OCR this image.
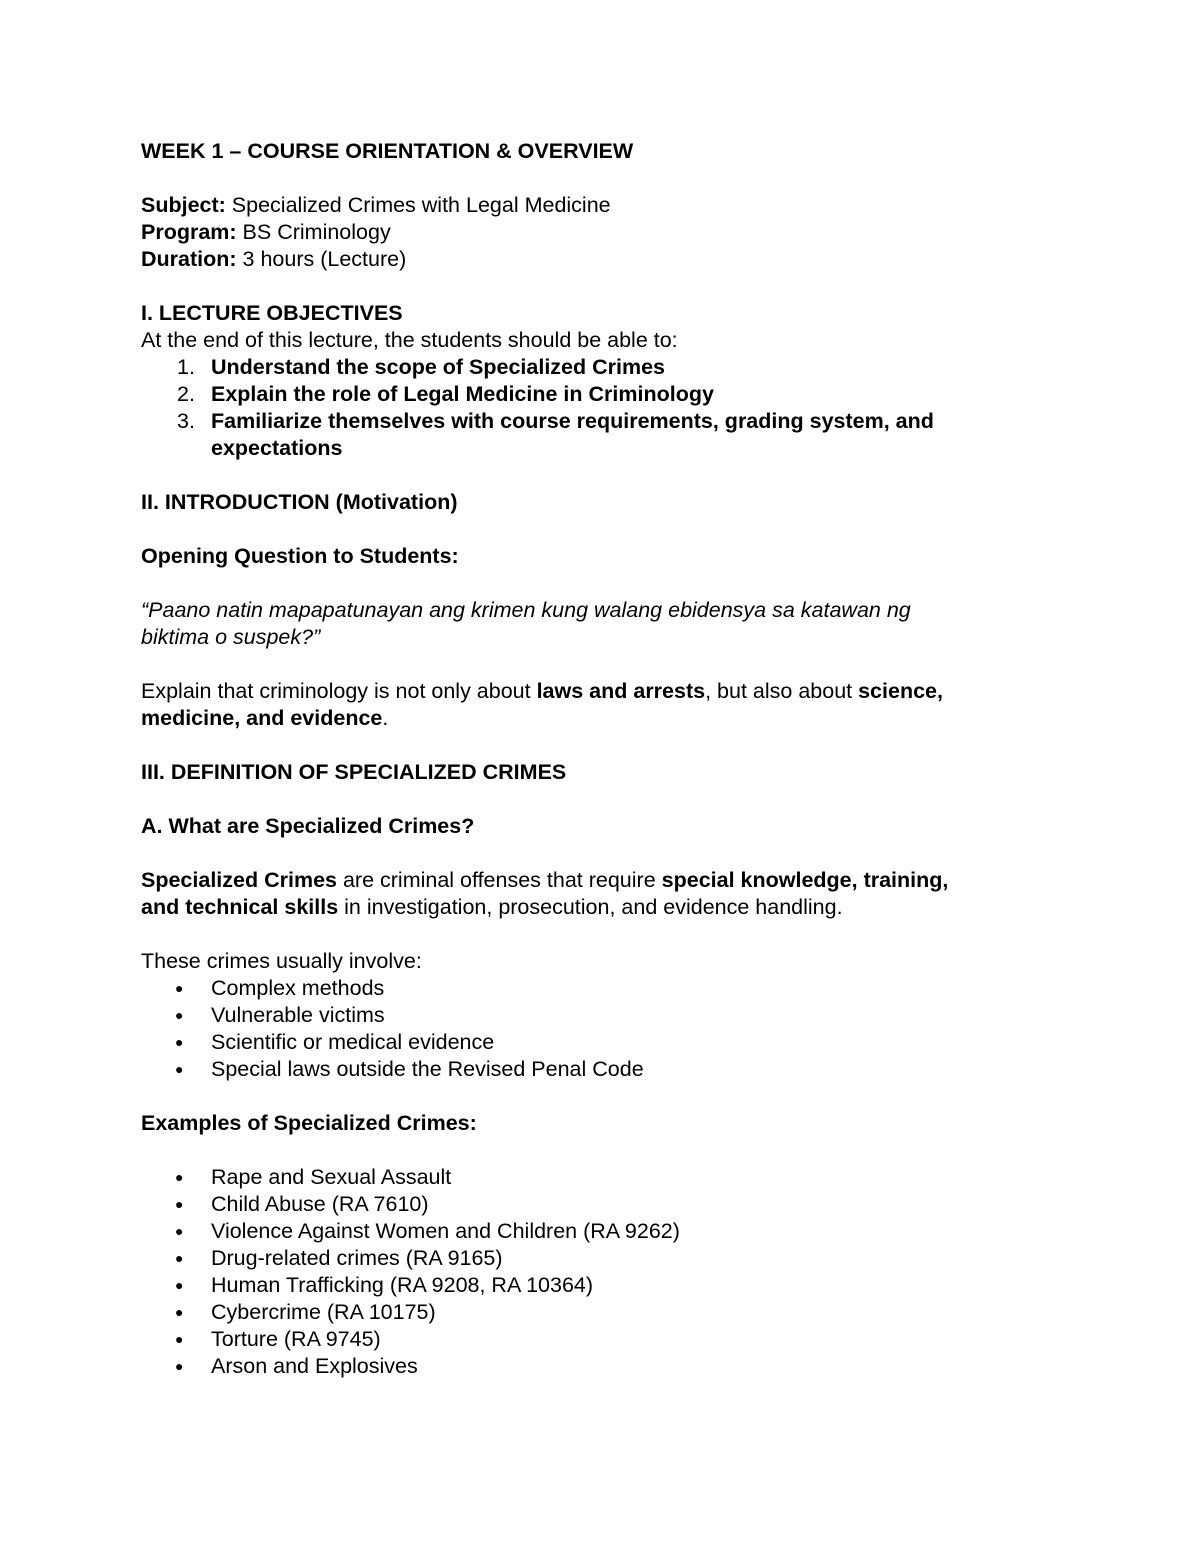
WEEK 1 – COURSE ORIENTATION & OVERVIEW
Subject: Specialized Crimes with Legal Medicine
Program: BS Criminology
Duration: 3 hours (Lecture)
I. LECTURE OBJECTIVES
At the end of this lecture, the students should be able to:
1. Understand the scope of Specialized Crimes
2. Explain the role of Legal Medicine in Criminology
3. Familiarize themselves with course requirements, grading system, and
expectations
II. INTRODUCTION (Motivation)
Opening Question to Students:
“Paano natin mapapatunayan ang krimen kung walang ebidensya sa katawan ng
biktima o suspek?”
Explain that criminology is not only about laws and arrests, but also about science,
medicine, and evidence.
III. DEFINITION OF SPECIALIZED CRIMES
A. What are Specialized Crimes?
Specialized Crimes are criminal offenses that require special knowledge, training,
and technical skills in investigation, prosecution, and evidence handling.
These crimes usually involve:
● Complex methods
● Vulnerable victims
● Scientific or medical evidence
● Special laws outside the Revised Penal Code
Examples of Specialized Crimes:
● Rape and Sexual Assault
● Child Abuse (RA 7610)
● Violence Against Women and Children (RA 9262)
● Drug-related crimes (RA 9165)
● Human Trafficking (RA 9208, RA 10364)
● Cybercrime (RA 10175)
● Torture (RA 9745)
● Arson and Explosives
